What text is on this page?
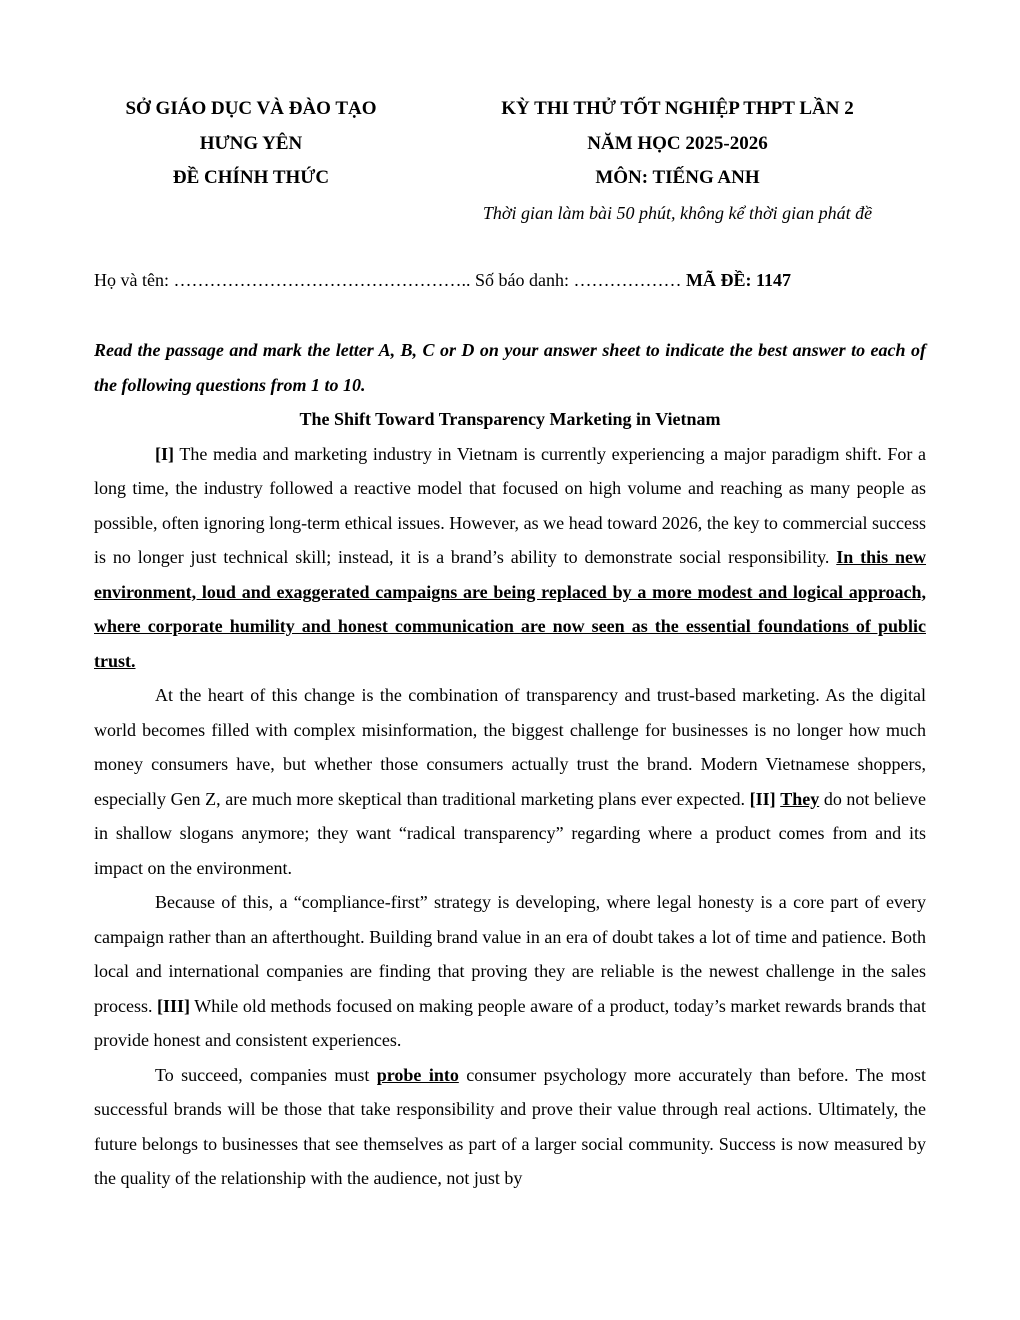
SỞ GIÁO DỤC VÀ ĐÀO TẠO
HƯNG YÊN
ĐỀ CHÍNH THỨC
KỲ THI THỬ TỐT NGHIỆP THPT LẦN 2
NĂM HỌC 2025-2026
MÔN: TIẾNG ANH
Thời gian làm bài 50 phút, không kể thời gian phát đề
Họ và tên: ………………………………………….. Số báo danh: ……………… MÃ ĐỀ: 1147
Read the passage and mark the letter A, B, C or D on your answer sheet to indicate the best answer to each of the following questions from 1 to 10.
The Shift Toward Transparency Marketing in Vietnam

[I] The media and marketing industry in Vietnam is currently experiencing a major paradigm shift. For a long time, the industry followed a reactive model that focused on high volume and reaching as many people as possible, often ignoring long-term ethical issues. However, as we head toward 2026, the key to commercial success is no longer just technical skill; instead, it is a brand’s ability to demonstrate social responsibility. In this new environment, loud and exaggerated campaigns are being replaced by a more modest and logical approach, where corporate humility and honest communication are now seen as the essential foundations of public trust.

At the heart of this change is the combination of transparency and trust-based marketing. As the digital world becomes filled with complex misinformation, the biggest challenge for businesses is no longer how much money consumers have, but whether those consumers actually trust the brand. Modern Vietnamese shoppers, especially Gen Z, are much more skeptical than traditional marketing plans ever expected. [II] They do not believe in shallow slogans anymore; they want “radical transparency” regarding where a product comes from and its impact on the environment.

Because of this, a “compliance-first” strategy is developing, where legal honesty is a core part of every campaign rather than an afterthought. Building brand value in an era of doubt takes a lot of time and patience. Both local and international companies are finding that proving they are reliable is the newest challenge in the sales process. [III] While old methods focused on making people aware of a product, today’s market rewards brands that provide honest and consistent experiences.

To succeed, companies must probe into consumer psychology more accurately than before. The most successful brands will be those that take responsibility and prove their value through real actions. Ultimately, the future belongs to businesses that see themselves as part of a larger social community. Success is now measured by the quality of the relationship with the audience, not just by
